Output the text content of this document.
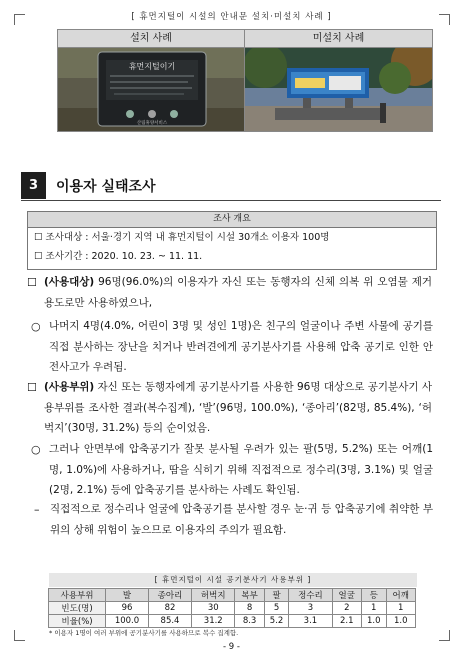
[ 휴먼지털이 시설의 안내문 설치·미설치 사례 ]
설치 사례	미설치 사례
휴먼지털이기
산림휴양서비스
3	이용자 실태조사
조사 개요
☐ 조사대상 : 서울·경기 지역 내 휴먼지털이 시설 30개소 이용자 100명
☐ 조사기간 : 2020. 10. 23. ~ 11. 11.
☐ (사용대상) 96명(96.0%)의 이용자가 자신 또는 동행자의 신체 의복 위 오염물 제거 용도로만 사용하였으나,
○ 나머지 4명(4.0%, 어린이 3명 및 성인 1명)은 친구의 얼굴이나 주변 사물에 공기를 직접 분사하는 장난을 치거나 반려견에게 공기분사기를 사용해 압축 공기로 인한 안전사고가 우려됨.
☐ (사용부위) 자신 또는 동행자에게 공기분사기를 사용한 96명 대상으로 공기분사기 사용부위를 조사한 결과(복수집계), ‘발’(96명, 100.0%), ‘종아리’(82명, 85.4%), ‘허벅지’(30명, 31.2%) 등의 순이었음.
○ 그러나 안면부에 압축공기가 잘못 분사될 우려가 있는 팔(5명, 5.2%) 또는 어깨(1명, 1.0%)에 사용하거나, 땀을 식히기 위해 직접적으로 정수리(3명, 3.1%) 및 얼굴(2명, 2.1%) 등에 압축공기를 분사하는 사례도 확인됨.
– 직접적으로 정수리나 얼굴에 압축공기를 분사할 경우 눈·귀 등 압축공기에 취약한 부위의 상해 위험이 높으므로 이용자의 주의가 필요함.
[ 휴먼지털이 시설 공기분사기 사용부위 ]
사용부위	발	종아리	허벅지	복부	팔	정수리	얼굴	등	어깨
빈도(명)	96	82	30	8	5	3	2	1	1
비율(%)	100.0	85.4	31.2	8.3	5.2	3.1	2.1	1.0	1.0
* 이용자 1명이 여러 부위에 공기분사기를 사용하므로 복수 집계함.
- 9 -
